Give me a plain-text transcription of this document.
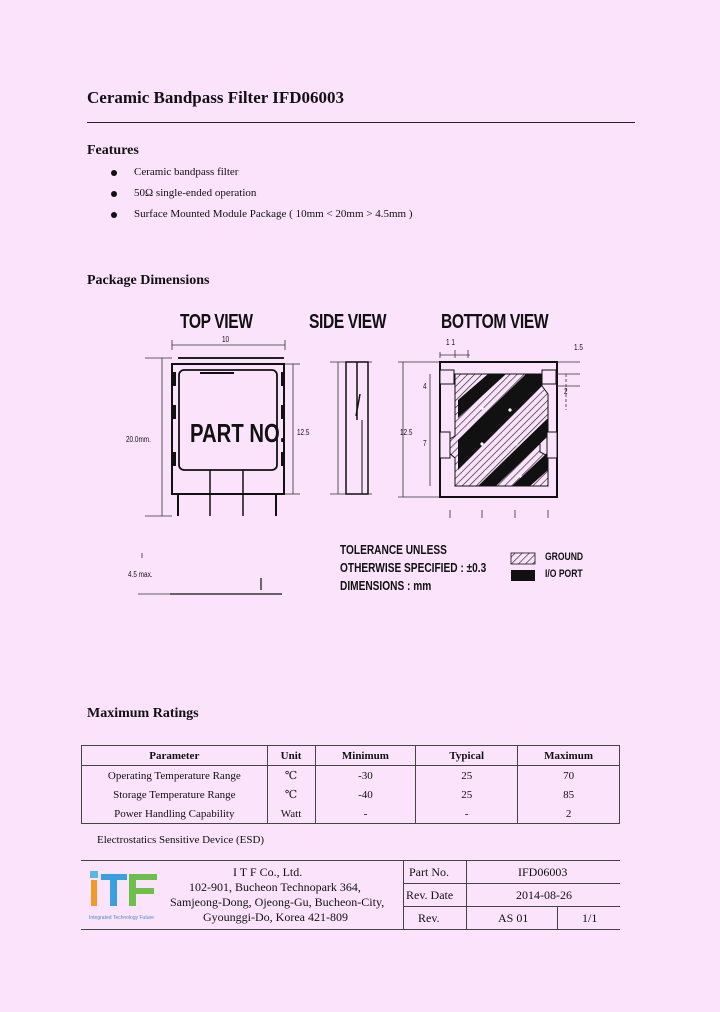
Ceramic Bandpass Filter IFD06003
Features
Ceramic bandpass filter
50Ω single-ended operation
Surface Mounted Module Package ( 10mm < 20mm > 4.5mm )
Package Dimensions
TOP VIEW	SIDE VIEW	BOTTOM VIEW
PART NO.
10
20.0mm.
12.5	12.5
1 1
1.5
4
2
7
4.5 max.
TOLERANCE UNLESS
OTHERWISE SPECIFIED : ±0.3
DIMENSIONS : mm
GROUND
I/O PORT
Maximum Ratings
Parameter	Unit	Minimum	Typical	Maximum
Operating Temperature Range	℃	-30	25	70
Storage Temperature Range	℃	-40	25	85
Power Handling Capability	Watt	-	-	2
Electrostatics Sensitive Device (ESD)
Integrated Technology Future
I T F Co., Ltd.
102-901, Bucheon Technopark 364,
Samjeong-Dong, Ojeong-Gu, Bucheon-City,
Gyounggi-Do, Korea 421-809
Part No.	IFD06003
Rev. Date	2014-08-26
Rev.	AS 01	1/1
